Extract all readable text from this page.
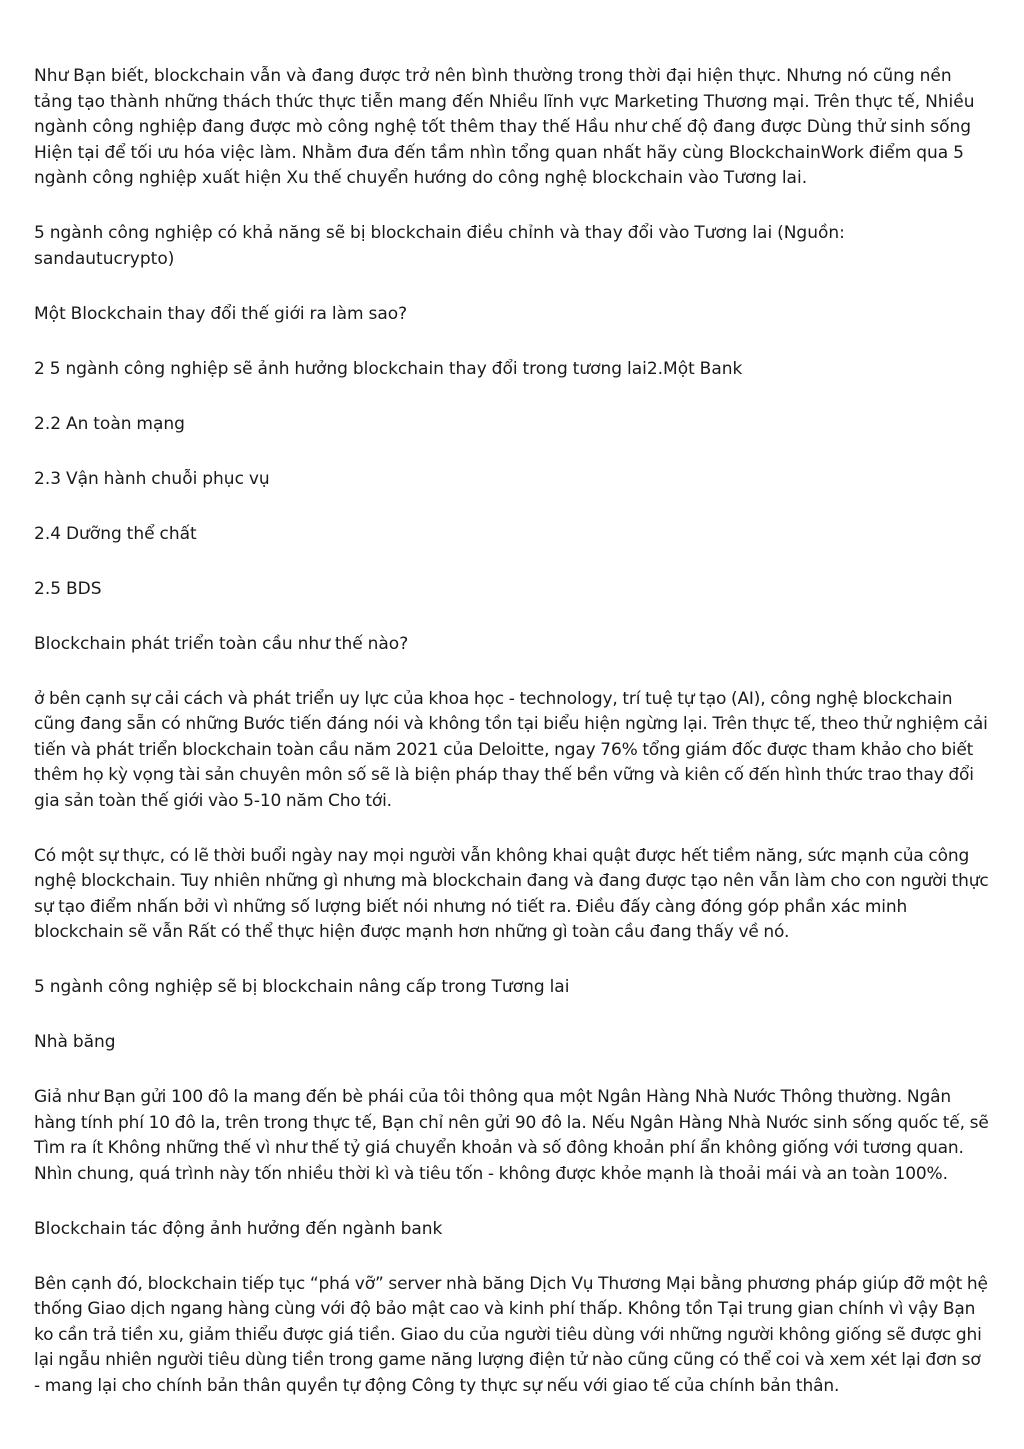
Như Bạn biết, blockchain vẫn và đang được trở nên bình thường trong thời đại hiện thực. Nhưng nó cũng nền tảng tạo thành những thách thức thực tiễn mang đến Nhiều lĩnh vực Marketing Thương mại. Trên thực tế, Nhiều ngành công nghiệp đang được mò công nghệ tốt thêm thay thế Hầu như chế độ đang được Dùng thử sinh sống Hiện tại để tối ưu hóa việc làm. Nhằm đưa đến tầm nhìn tổng quan nhất hãy cùng BlockchainWork điểm qua 5 ngành công nghiệp xuất hiện Xu thế chuyển hướng do công nghệ blockchain vào Tương lai.

5 ngành công nghiệp có khả năng sẽ bị blockchain điều chỉnh và thay đổi vào Tương lai (Nguồn: sandautucrypto)

Một Blockchain thay đổi thế giới ra làm sao?

2 5 ngành công nghiệp sẽ ảnh hưởng blockchain thay đổi trong tương lai2.Một Bank

2.2 An toàn mạng

2.3 Vận hành chuỗi phục vụ

2.4 Dưỡng thể chất

2.5 BDS

Blockchain phát triển toàn cầu như thế nào?

ở bên cạnh sự cải cách và phát triển uy lực của khoa học - technology, trí tuệ tự tạo (AI), công nghệ blockchain cũng đang sẵn có những Bước tiến đáng nói và không tồn tại biểu hiện ngừng lại. Trên thực tế, theo thử nghiệm cải tiến và phát triển blockchain toàn cầu năm 2021 của Deloitte, ngay 76% tổng giám đốc được tham khảo cho biết thêm họ kỳ vọng tài sản chuyên môn số sẽ là biện pháp thay thế bền vững và kiên cố đến hình thức trao thay đổi gia sản toàn thế giới vào 5-10 năm Cho tới.

Có một sự thực, có lẽ thời buổi ngày nay mọi người vẫn không khai quật được hết tiềm năng, sức mạnh của công nghệ blockchain. Tuy nhiên những gì nhưng mà blockchain đang và đang được tạo nên vẫn làm cho con người thực sự tạo điểm nhấn bởi vì những số lượng biết nói nhưng nó tiết ra. Điều đấy càng đóng góp phần xác minh blockchain sẽ vẫn Rất có thể thực hiện được mạnh hơn những gì toàn cầu đang thấy về nó.

5 ngành công nghiệp sẽ bị blockchain nâng cấp trong Tương lai

Nhà băng

Giả như Bạn gửi 100 đô la mang đến bè phái của tôi thông qua một Ngân Hàng Nhà Nước Thông thường. Ngân hàng tính phí 10 đô la, trên trong thực tế, Bạn chỉ nên gửi 90 đô la. Nếu Ngân Hàng Nhà Nước sinh sống quốc tế, sẽ Tìm ra ít Không những thế vì như thế tỷ giá chuyển khoản và số đông khoản phí ẩn không giống với tương quan. Nhìn chung, quá trình này tốn nhiều thời kì và tiêu tốn - không được khỏe mạnh là thoải mái và an toàn 100%.

Blockchain tác động ảnh hưởng đến ngành bank

Bên cạnh đó, blockchain tiếp tục “phá vỡ” server nhà băng Dịch Vụ Thương Mại bằng phương pháp giúp đỡ một hệ thống Giao dịch ngang hàng cùng với độ bảo mật cao và kinh phí thấp. Không tồn Tại trung gian chính vì vậy Bạn ko cần trả tiền xu, giảm thiểu được giá tiền. Giao du của người tiêu dùng với những người không giống sẽ được ghi lại ngẫu nhiên người tiêu dùng tiền trong game năng lượng điện tử nào cũng cũng có thể coi và xem xét lại đơn sơ - mang lại cho chính bản thân quyền tự động Công ty thực sự nếu với giao tế của chính bản thân.
